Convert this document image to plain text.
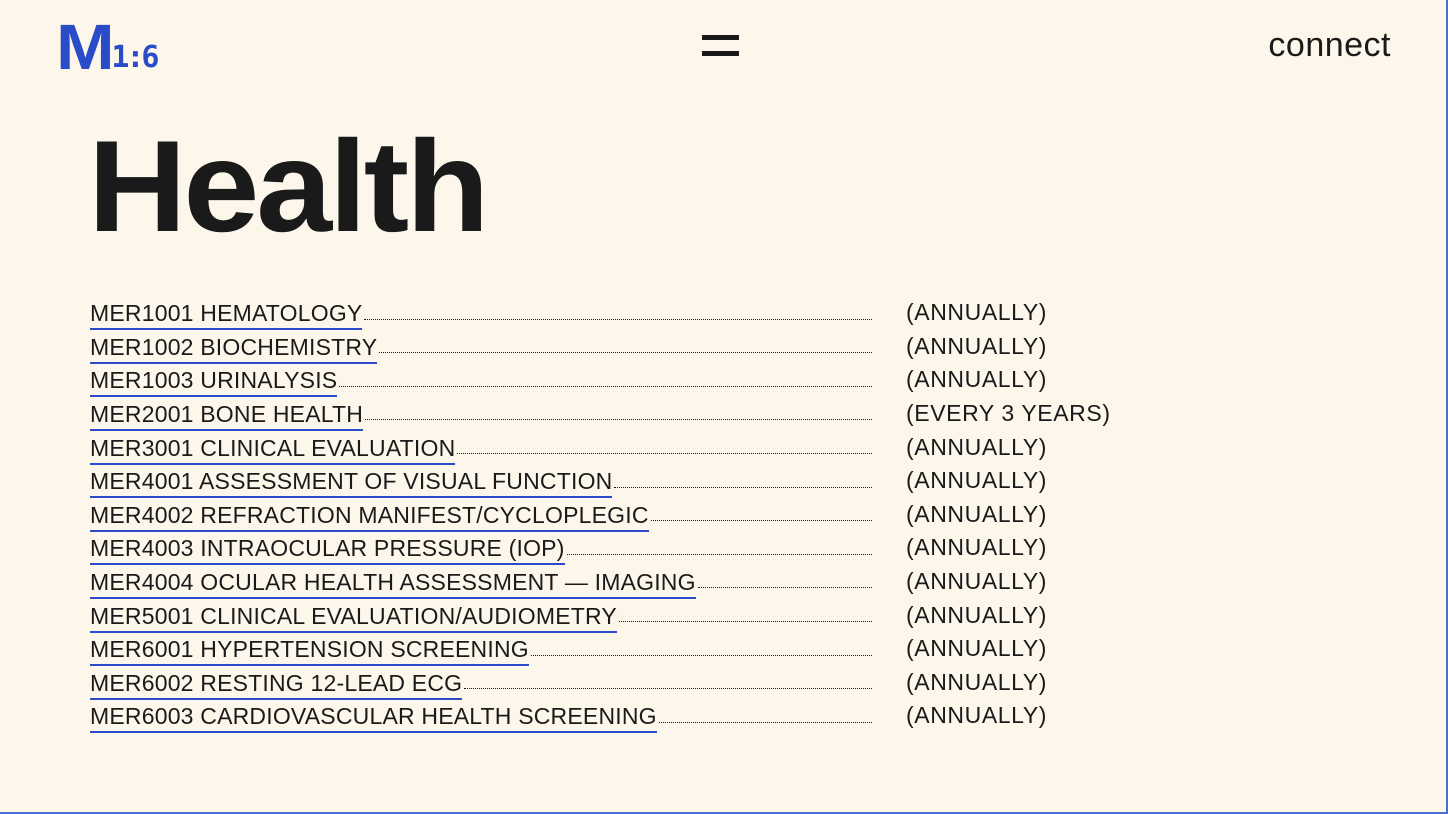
M 1:6	connect
Health
MER1001 HEMATOLOGY	(ANNUALLY)
MER1002 BIOCHEMISTRY	(ANNUALLY)
MER1003 URINALYSIS	(ANNUALLY)
MER2001 BONE HEALTH	(EVERY 3 YEARS)
MER3001 CLINICAL EVALUATION	(ANNUALLY)
MER4001 ASSESSMENT OF VISUAL FUNCTION	(ANNUALLY)
MER4002 REFRACTION MANIFEST/CYCLOPLEGIC	(ANNUALLY)
MER4003 INTRAOCULAR PRESSURE (IOP)	(ANNUALLY)
MER4004 OCULAR HEALTH ASSESSMENT — IMAGING	(ANNUALLY)
MER5001 CLINICAL EVALUATION/AUDIOMETRY	(ANNUALLY)
MER6001 HYPERTENSION SCREENING	(ANNUALLY)
MER6002 RESTING 12-LEAD ECG	(ANNUALLY)
MER6003 CARDIOVASCULAR HEALTH SCREENING	(ANNUALLY)
